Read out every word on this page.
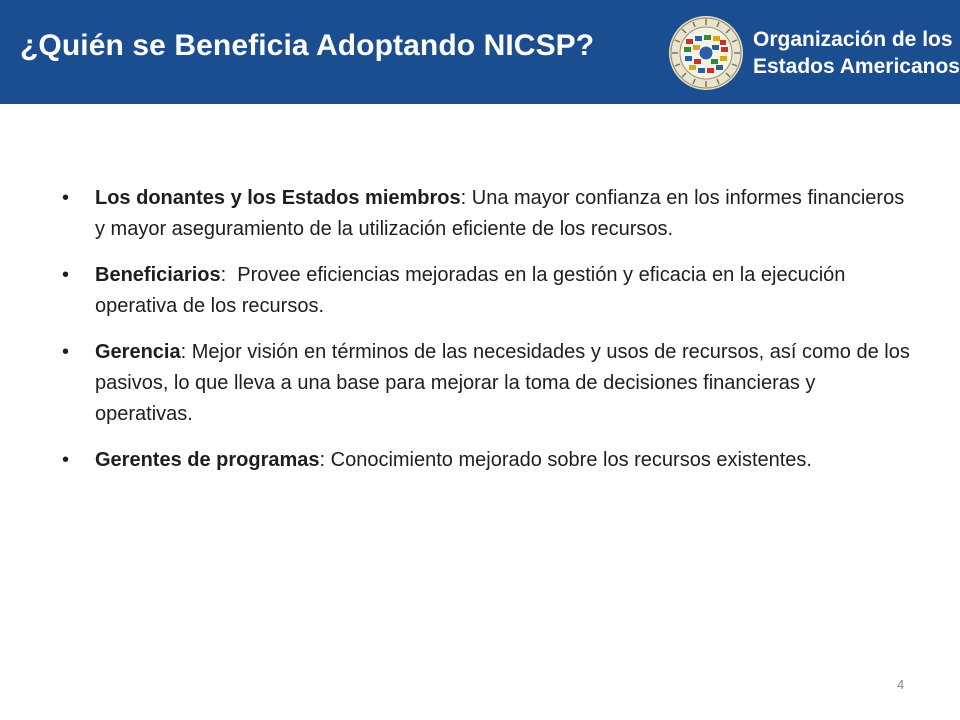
¿Quién se Beneficia Adoptando NICSP?	Organización de los
Estados Americanos
• Los donantes y los Estados miembros: Una mayor confianza en los informes financieros y mayor aseguramiento de la utilización eficiente de los recursos.
• Beneficiarios:  Provee eficiencias mejoradas en la gestión y eficacia en la ejecución operativa de los recursos.
• Gerencia: Mejor visión en términos de las necesidades y usos de recursos, así como de los pasivos, lo que lleva a una base para mejorar la toma de decisiones financieras y operativas.
• Gerentes de programas: Conocimiento mejorado sobre los recursos existentes.
4
